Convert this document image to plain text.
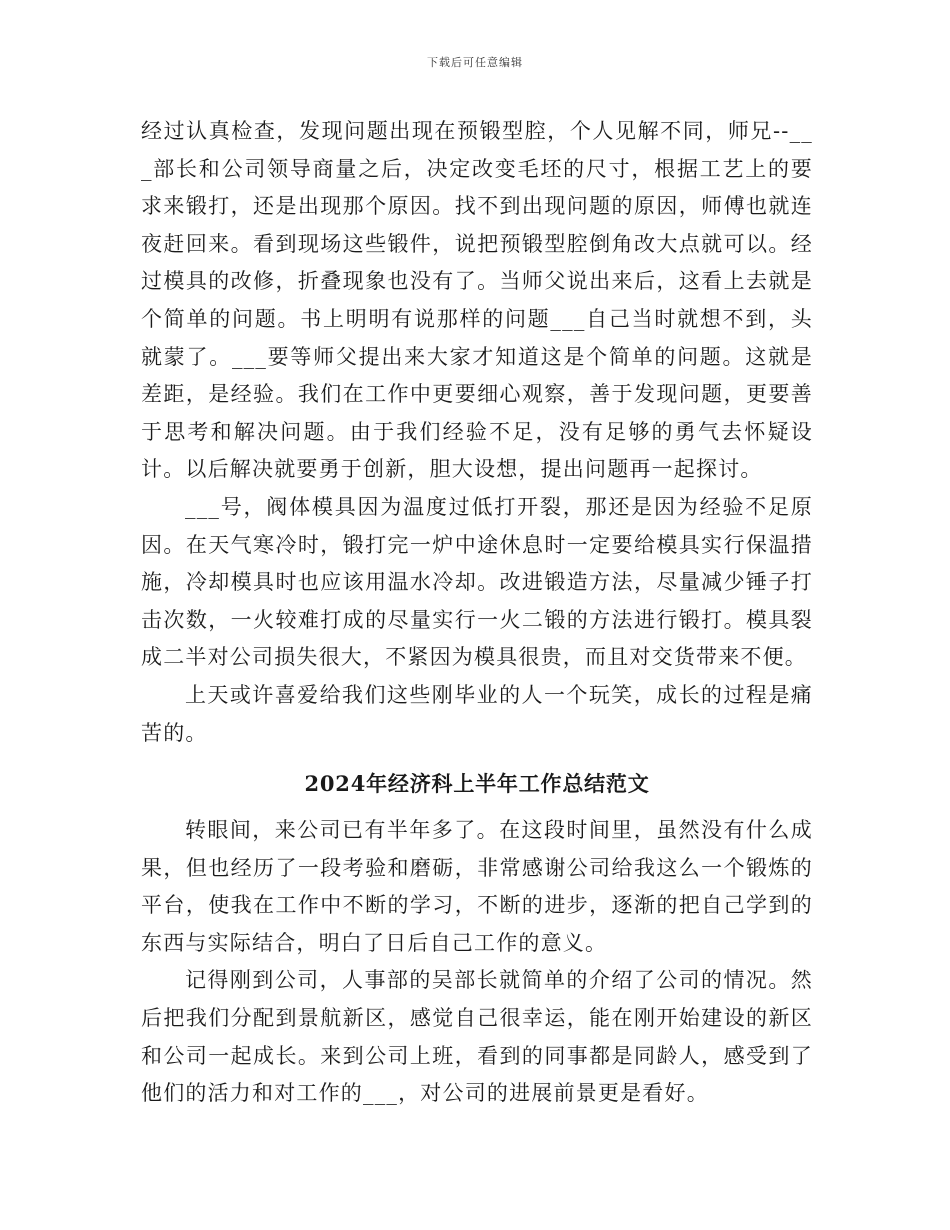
下载后可任意编辑

经过认真检查，发现问题出现在预锻型腔，个人见解不同，师兄--___部长和公司领导商量之后，决定改变毛坯的尺寸，根据工艺上的要求来锻打，还是出现那个原因。找不到出现问题的原因，师傅也就连夜赶回来。看到现场这些锻件，说把预锻型腔倒角改大点就可以。经过模具的改修，折叠现象也没有了。当师父说出来后，这看上去就是个简单的问题。书上明明有说那样的问题___自己当时就想不到，头就蒙了。___要等师父提出来大家才知道这是个简单的问题。这就是差距，是经验。我们在工作中更要细心观察，善于发现问题，更要善于思考和解决问题。由于我们经验不足，没有足够的勇气去怀疑设计。以后解决就要勇于创新，胆大设想，提出问题再一起探讨。

___号，阀体模具因为温度过低打开裂，那还是因为经验不足原因。在天气寒冷时，锻打完一炉中途休息时一定要给模具实行保温措施，冷却模具时也应该用温水冷却。改进锻造方法，尽量减少锤子打击次数，一火较难打成的尽量实行一火二锻的方法进行锻打。模具裂成二半对公司损失很大，不紧因为模具很贵，而且对交货带来不便。

上天或许喜爱给我们这些刚毕业的人一个玩笑，成长的过程是痛苦的。

2024年经济科上半年工作总结范文

转眼间，来公司已有半年多了。在这段时间里，虽然没有什么成果，但也经历了一段考验和磨砺，非常感谢公司给我这么一个锻炼的平台，使我在工作中不断的学习，不断的进步，逐渐的把自己学到的东西与实际结合，明白了日后自己工作的意义。

记得刚到公司，人事部的吴部长就简单的介绍了公司的情况。然后把我们分配到景航新区，感觉自己很幸运，能在刚开始建设的新区和公司一起成长。来到公司上班，看到的同事都是同龄人，感受到了他们的活力和对工作的___，对公司的进展前景更是看好。
